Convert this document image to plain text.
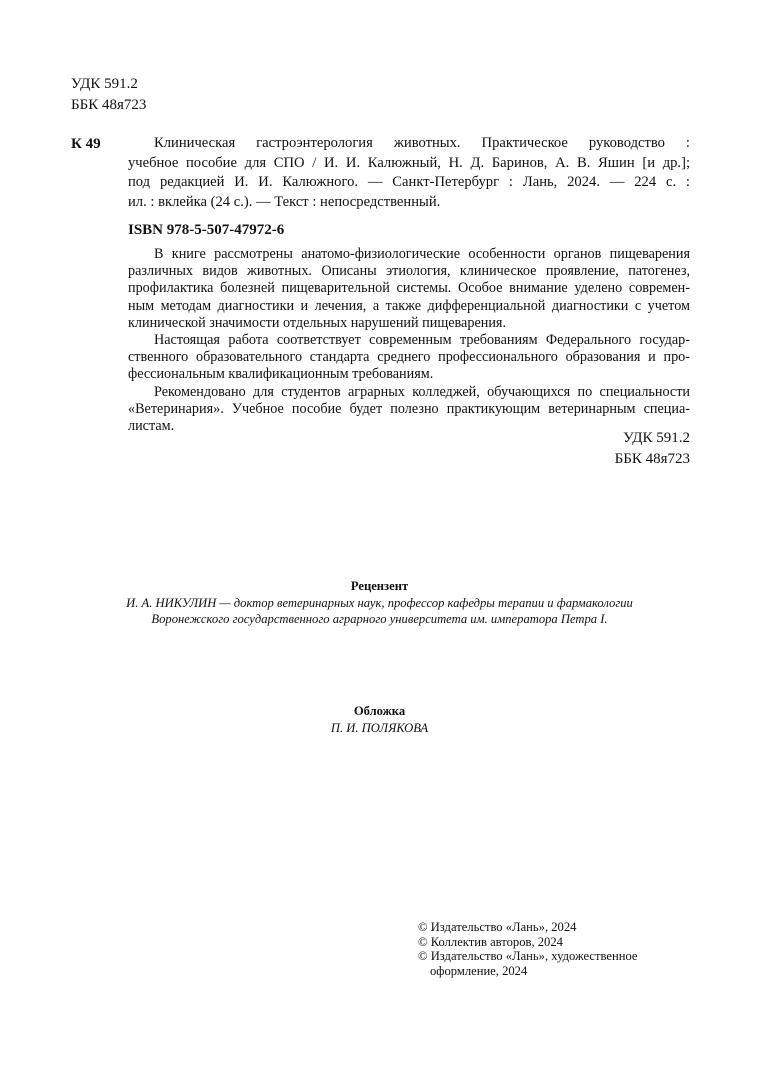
УДК 591.2
ББК 48я723
К 49	Клиническая гастроэнтерология животных. Практическое руководство :
учебное пособие для СПО / И. И. Калюжный, Н. Д. Баринов, А. В. Яшин [и др.];
под редакцией И. И. Калюжного. — Санкт-Петербург : Лань, 2024. — 224 с. :
ил. : вклейка (24 с.). — Текст : непосредственный.
ISBN 978-5-507-47972-6
В книге рассмотрены анатомо-физиологические особенности органов пищеварения
различных видов животных. Описаны этиология, клиническое проявление, патогенез,
профилактика болезней пищеварительной системы. Особое внимание уделено современ-
ным методам диагностики и лечения, а также дифференциальной диагностики с учетом
клинической значимости отдельных нарушений пищеварения.
Настоящая работа соответствует современным требованиям Федерального государ-
ственного образовательного стандарта среднего профессионального образования и про-
фессиональным квалификационным требованиям.
Рекомендовано для студентов аграрных колледжей, обучающихся по специальности
«Ветеринария». Учебное пособие будет полезно практикующим ветеринарным специа-
листам.
УДК 591.2
ББК 48я723
Рецензент
И. А. НИКУЛИН — доктор ветеринарных наук, профессор кафедры терапии и фармакологии
Воронежского государственного аграрного университета им. императора Петра I.
Обложка
П. И. ПОЛЯКОВА
© Издательство «Лань», 2024
© Коллектив авторов, 2024
© Издательство «Лань», художественное
оформление, 2024
